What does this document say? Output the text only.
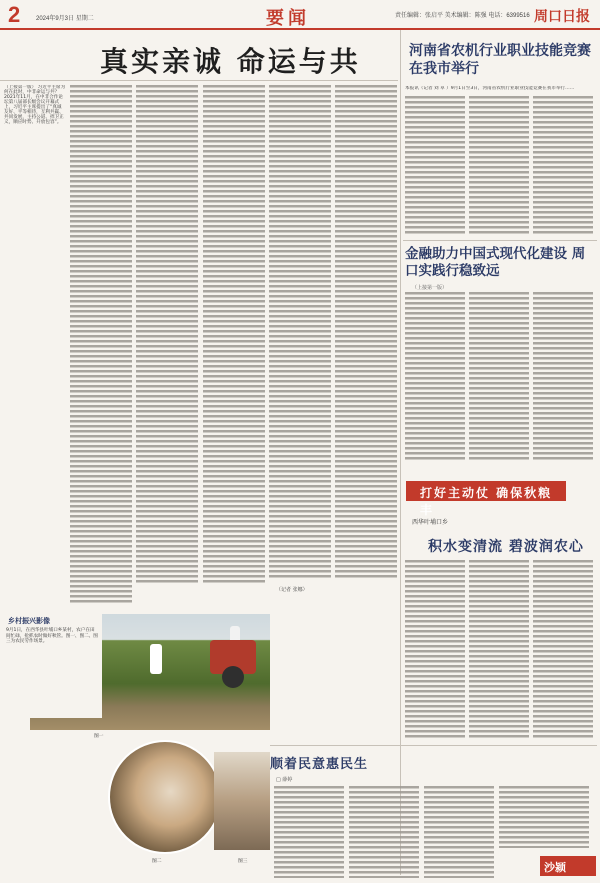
2	2024年9月3日 星期二	要闻	责任编辑：张启平 美术编辑：陈强 电话：6399516 周口日报
真实亲诚 命运与共
（上接第一版） 习近平主席为何在此时，中非命运与共？ 2021年11月，在中非合作论坛第八届部长级会议开幕式上，习近平主席提出了“真诚友好、平等相待，互利共赢、共同发展，主持公道、捍卫正义，顺应时势、开放包容”。
河南省农机行业职业技能竞赛在我市举行
本报讯（记者 刘 卓 ）9月1日至3日，河南省农机行业职业技能竞赛在我市举行……
金融助力中国式现代化建设 周口实践行稳致远
（上接第一版）
打好主动仗 确保秋粮丰
西华叶埔口乡
积水变清流 碧波润农心
乡村振兴影像
9月1日，在西华县叶埔口乡某村，农户在田间忙碌，抢抓农时做好秋管。图一、图二、图三为农民劳作场景。
图一
图二	图三
（记者 张娜）
顺着民意惠民生
□ 薛婷
沙颍
